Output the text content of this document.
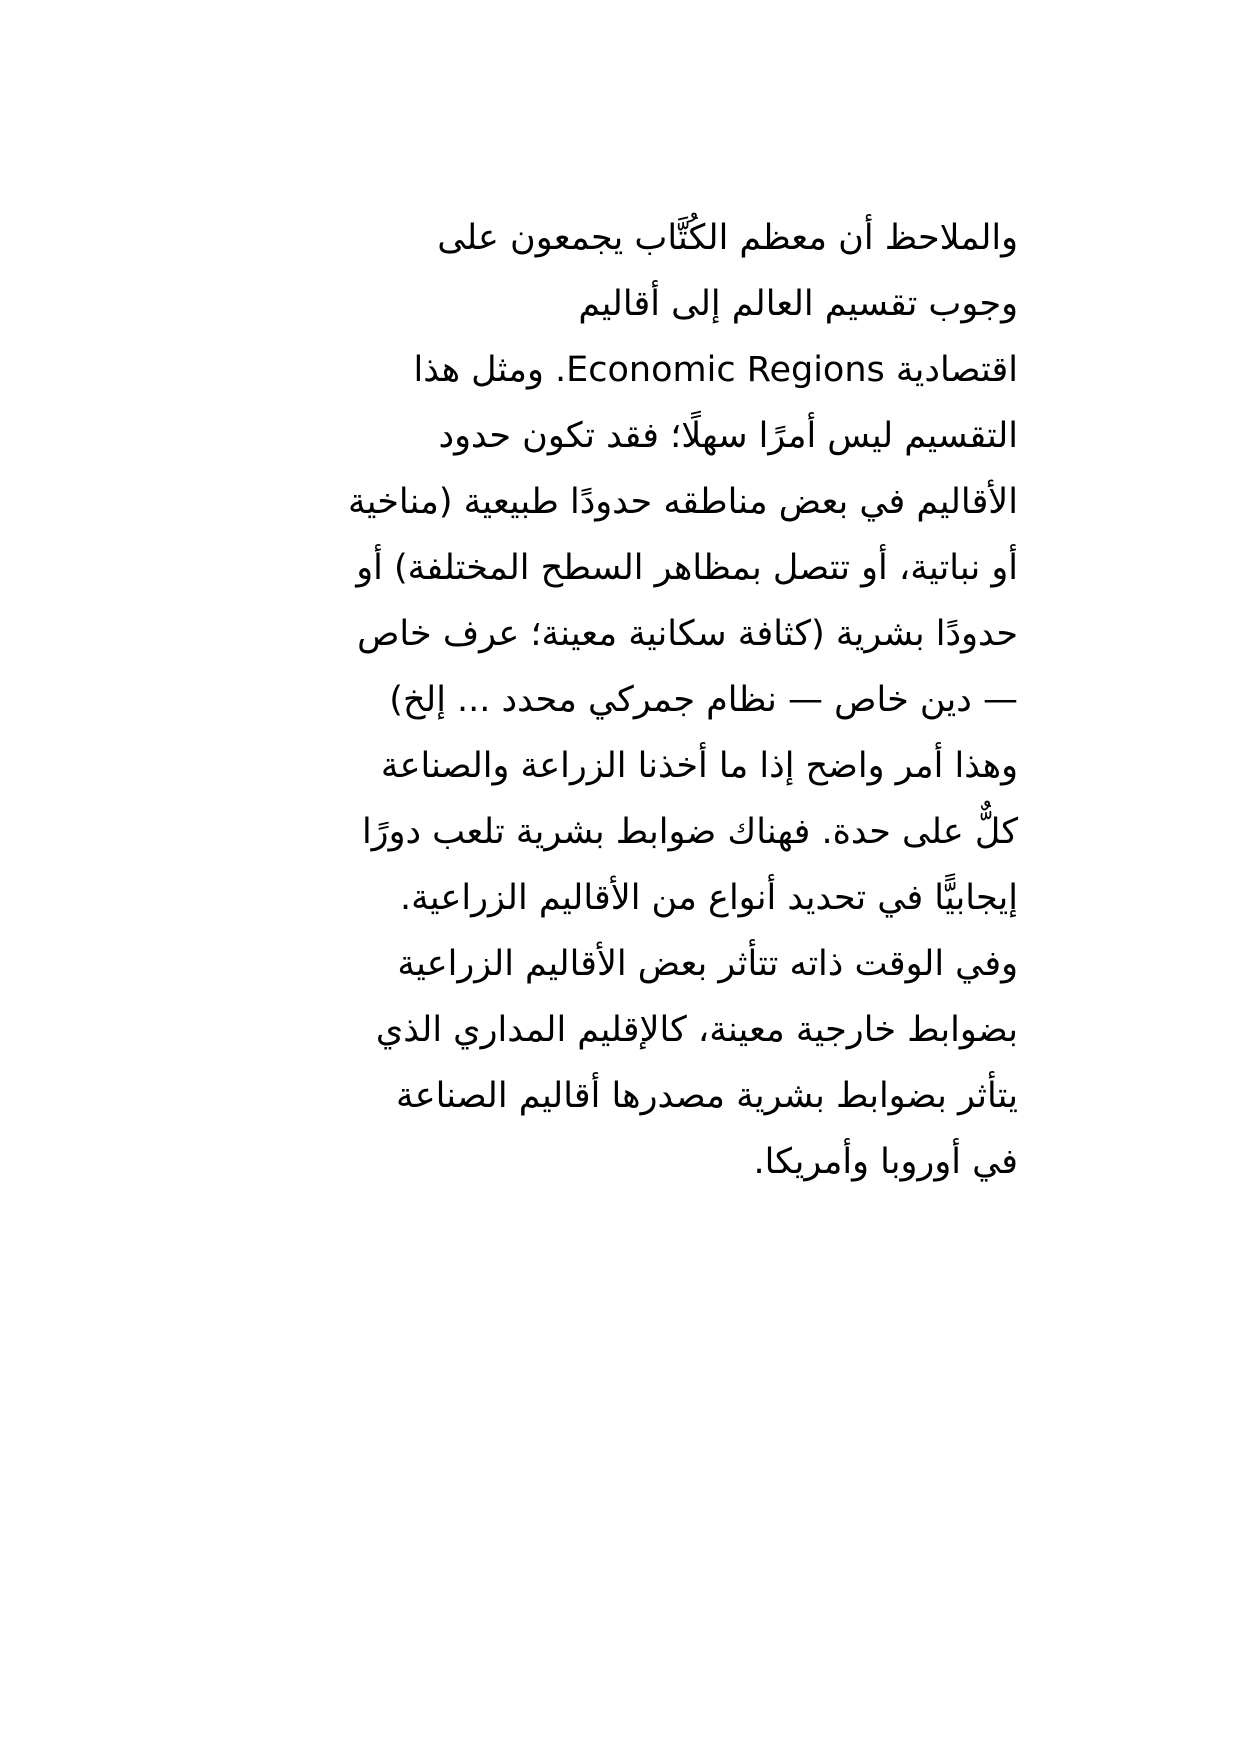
والملاحظ أن معظم الكُتَّاب يجمعون على
وجوب تقسيم العالم إلى أقاليم
اقتصادية Economic Regions. ومثل هذا
التقسيم ليس أمرًا سهلًا؛ فقد تكون حدود
الأقاليم في بعض مناطقه حدودًا طبيعية (مناخية
أو نباتية، أو تتصل بمظاهر السطح المختلفة) أو
حدودًا بشرية (كثافة سكانية معينة؛ عرف خاص
— دين خاص — نظام جمركي محدد ... إلخ)
وهذا أمر واضح إذا ما أخذنا الزراعة والصناعة
كلٌّ على حدة. فهناك ضوابط بشرية تلعب دورًا
إيجابيًّا في تحديد أنواع من الأقاليم الزراعية.
وفي الوقت ذاته تتأثر بعض الأقاليم الزراعية
بضوابط خارجية معينة، كالإقليم المداري الذي
يتأثر بضوابط بشرية مصدرها أقاليم الصناعة
في أوروبا وأمريكا.
